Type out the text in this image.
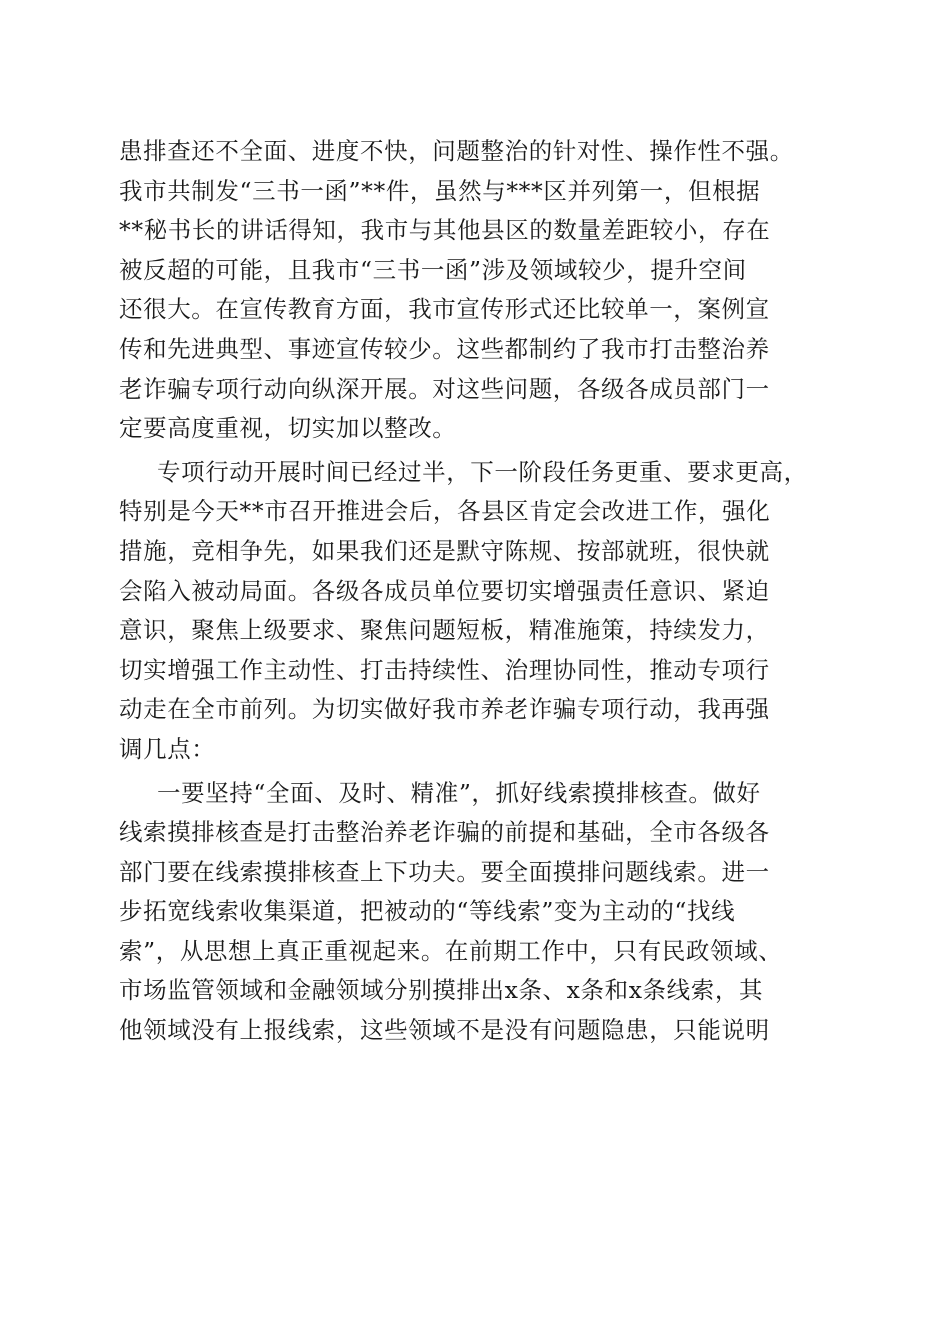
患排查还不全面、进度不快，问题整治的针对性、操作性不强。
我市共制发“三书一函”**件，虽然与***区并列第一，但根据
**秘书长的讲话得知，我市与其他县区的数量差距较小，存在
被反超的可能，且我市“三书一函”涉及领域较少，提升空间
还很大。在宣传教育方面，我市宣传形式还比较单一，案例宣
传和先进典型、事迹宣传较少。这些都制约了我市打击整治养
老诈骗专项行动向纵深开展。对这些问题，各级各成员部门一
定要高度重视，切实加以整改。
专项行动开展时间已经过半，下一阶段任务更重、要求更高，
特别是今天**市召开推进会后，各县区肯定会改进工作，强化
措施，竞相争先，如果我们还是默守陈规、按部就班，很快就
会陷入被动局面。各级各成员单位要切实增强责任意识、紧迫
意识，聚焦上级要求、聚焦问题短板，精准施策，持续发力，
切实增强工作主动性、打击持续性、治理协同性，推动专项行
动走在全市前列。为切实做好我市养老诈骗专项行动，我再强
调几点：
一要坚持“全面、及时、精准”，抓好线索摸排核查。做好
线索摸排核查是打击整治养老诈骗的前提和基础，全市各级各
部门要在线索摸排核查上下功夫。要全面摸排问题线索。进一
步拓宽线索收集渠道，把被动的“等线索”变为主动的“找线
索”，从思想上真正重视起来。在前期工作中，只有民政领域、
市场监管领域和金融领域分别摸排出x条、x条和x条线索，其
他领域没有上报线索，这些领域不是没有问题隐患，只能说明
